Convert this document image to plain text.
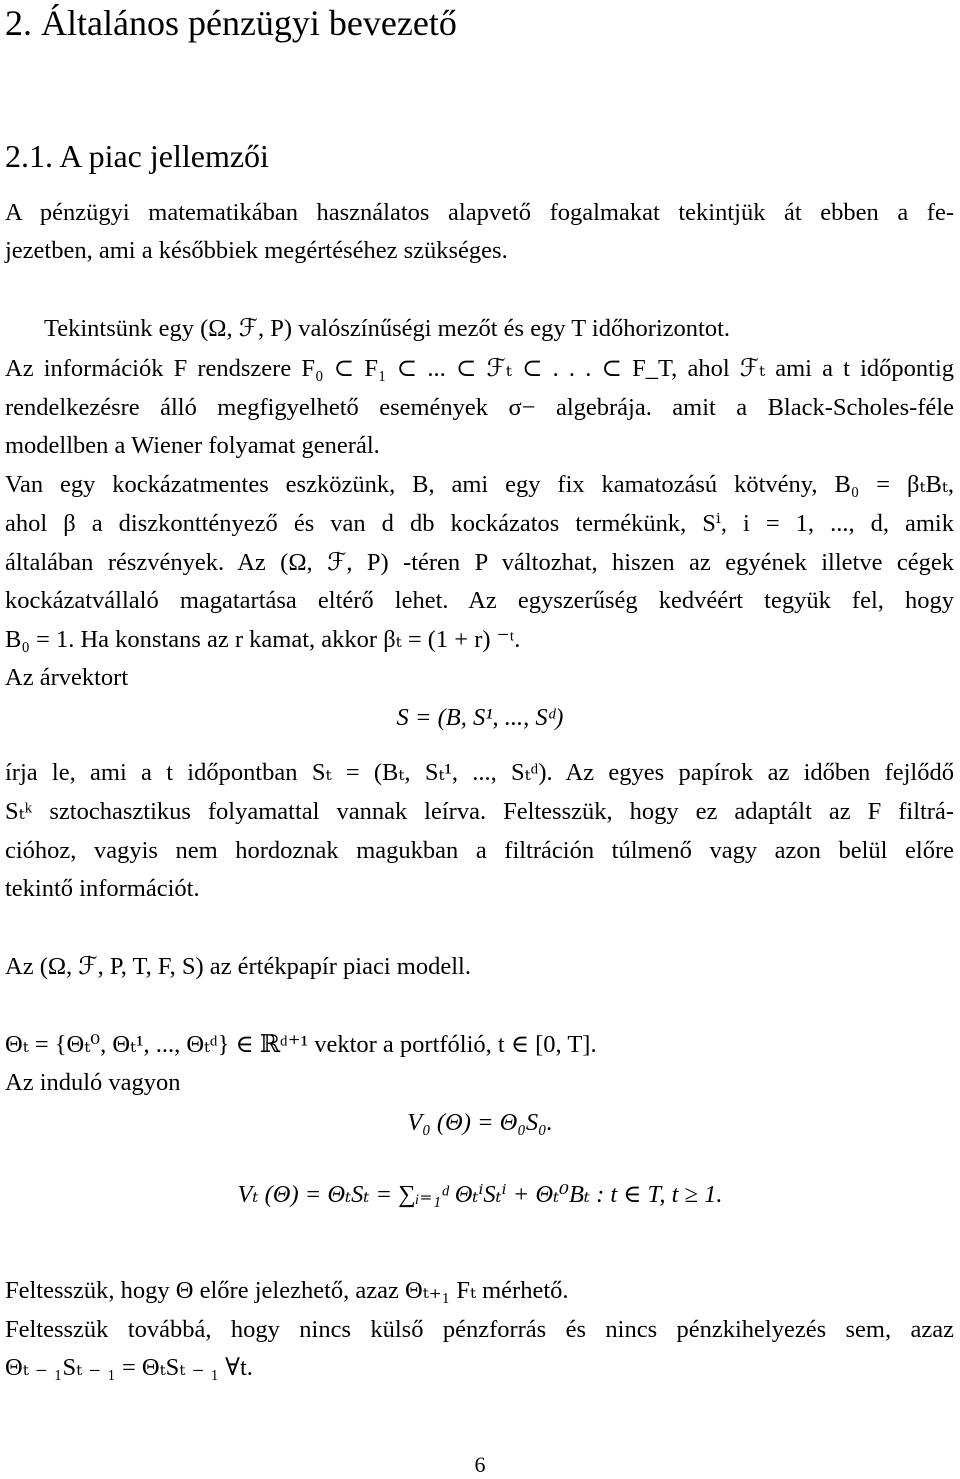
2. Általános pénzügyi bevezető
2.1. A piac jellemzői
A pénzügyi matematikában használatos alapvető fogalmakat tekintjük át ebben a fe-
jezetben, ami a későbbiek megértéséhez szükséges.
Tekintsünk egy (Ω, ℱ, P) valószínűségi mezőt és egy T időhorizontot.
Az információk F rendszere F₀ ⊂ F₁ ⊂ ... ⊂ ℱₜ ⊂ . . . ⊂ F_T, ahol ℱₜ ami a t időpontig
rendelkezésre álló megfigyelhető események σ− algebrája. amit a Black-Scholes-féle
modellben a Wiener folyamat generál.
Van egy kockázatmentes eszközünk, B, ami egy fix kamatozású kötvény, B₀ = βₜBₜ,
ahol β a diszkonttényező és van d db kockázatos termékünk, Sⁱ, i = 1, ..., d, amik
általában részvények. Az (Ω, ℱ, P) -téren P változhat, hiszen az egyének illetve cégek
kockázatvállaló magatartása eltérő lehet. Az egyszerűség kedvéért tegyük fel, hogy
B₀ = 1. Ha konstans az r kamat, akkor βₜ = (1 + r) ⁻ᵗ.
Az árvektort
S = (B, S¹, ..., Sᵈ)
írja le, ami a t időpontban Sₜ = (Bₜ, Sₜ¹, ..., Sₜᵈ). Az egyes papírok az időben fejlődő
Sₜᵏ sztochasztikus folyamattal vannak leírva. Feltesszük, hogy ez adaptált az F filtrá-
cióhoz, vagyis nem hordoznak magukban a filtráción túlmenő vagy azon belül előre
tekintő információt.
Az (Ω, ℱ, P, T, F, S) az értékpapír piaci modell.
Θₜ = {Θₜ⁰, Θₜ¹, ..., Θₜᵈ} ∈ ℝᵈ⁺¹ vektor a portfólió, t ∈ [0, T].
Az induló vagyon
V₀ (Θ) = Θ₀S₀.
Vₜ (Θ) = ΘₜSₜ = ∑ᵢ₌₁ᵈ ΘₜⁱSₜⁱ + Θₜ⁰Bₜ : t ∈ T, t ≥ 1.
Feltesszük, hogy Θ előre jelezhető, azaz Θₜ₊₁ Fₜ mérhető.
Feltesszük továbbá, hogy nincs külső pénzforrás és nincs pénzkihelyezés sem, azaz
Θₜ ₋ ₁Sₜ ₋ ₁ = ΘₜSₜ ₋ ₁ ∀t.
6
